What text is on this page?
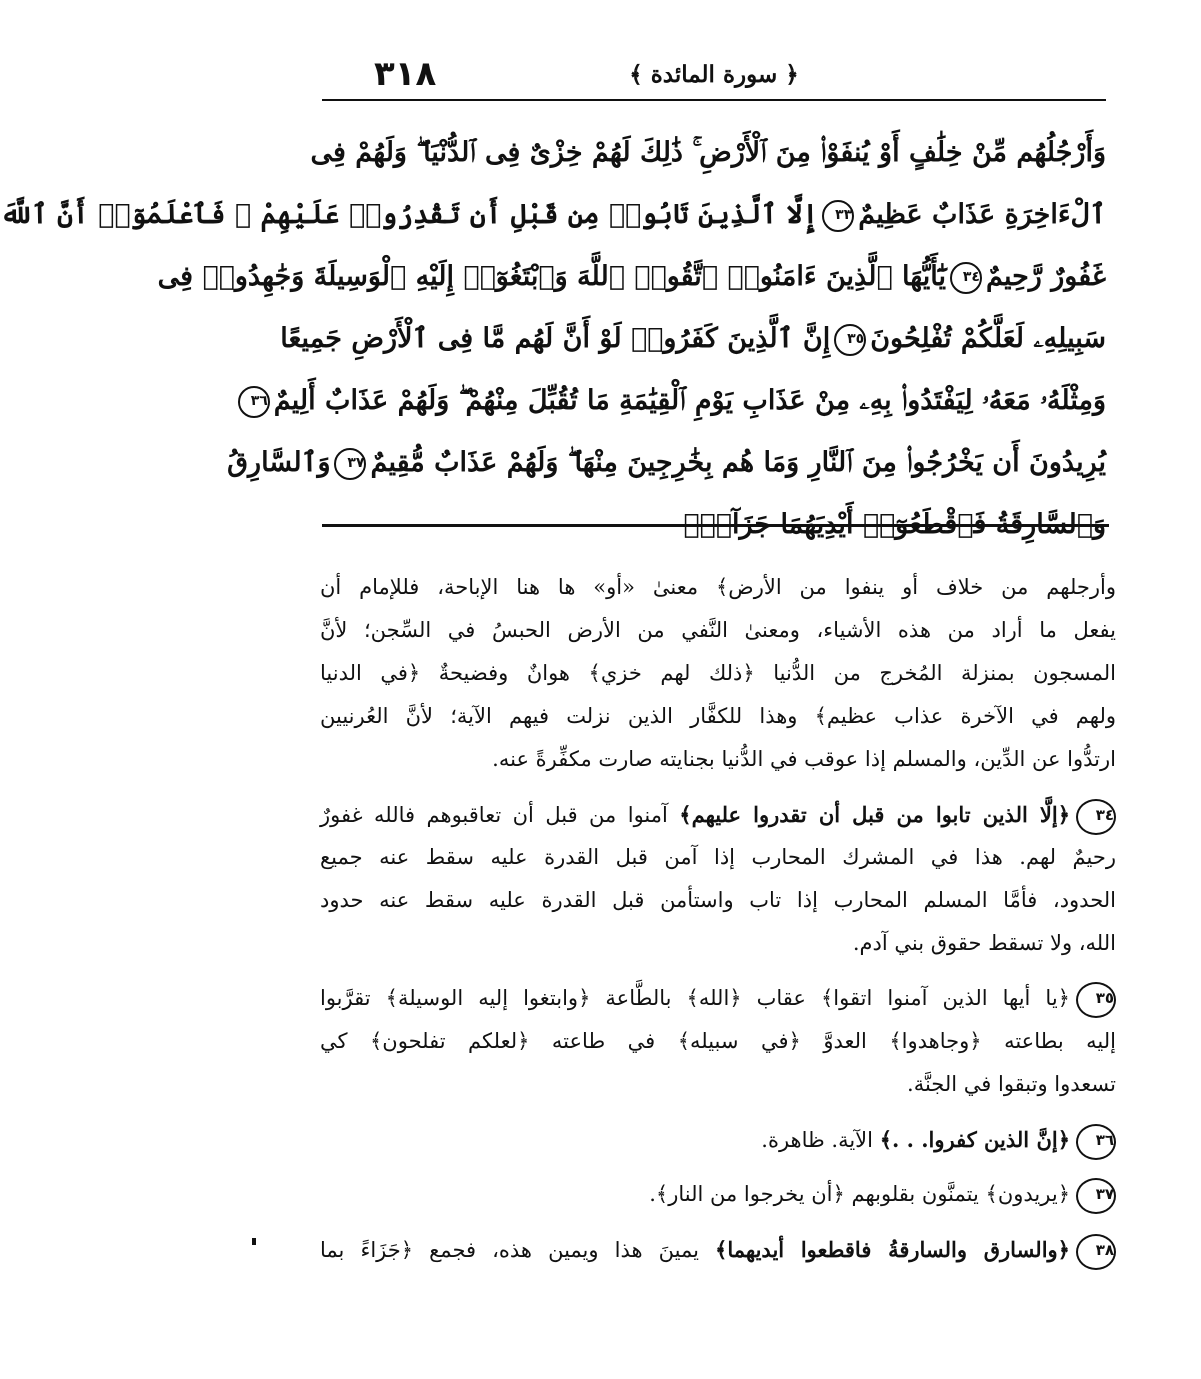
٣١٨	﴿ سورة المائدة ﴾
وَأَرْجُلُهُم مِّنْ خِلَٰفٍ أَوْ يُنفَوْا۟ مِنَ ٱلْأَرْضِ ۚ ذَٰلِكَ لَهُمْ خِزْىٌ فِى ٱلدُّنْيَا ۖ وَلَهُمْ فِى
ٱلْءَاخِرَةِ عَذَابٌ عَظِيمٌ٣٣إِلَّا ٱلَّذِينَ تَابُوا۟ مِن قَبْلِ أَن تَقْدِرُوا۟ عَلَيْهِمْ ۖ فَٱعْلَمُوٓا۟ أَنَّ ٱللَّهَ
غَفُورٌ رَّحِيمٌ٣٤يَٰٓأَيُّهَا ٱلَّذِينَ ءَامَنُوا۟ ٱتَّقُوا۟ ٱللَّهَ وَٱبْتَغُوٓا۟ إِلَيْهِ ٱلْوَسِيلَةَ وَجَٰهِدُوا۟ فِى
سَبِيلِهِۦ لَعَلَّكُمْ تُفْلِحُونَ٣٥إِنَّ ٱلَّذِينَ كَفَرُوا۟ لَوْ أَنَّ لَهُم مَّا فِى ٱلْأَرْضِ جَمِيعًا
وَمِثْلَهُۥ مَعَهُۥ لِيَفْتَدُوا۟ بِهِۦ مِنْ عَذَابِ يَوْمِ ٱلْقِيَٰمَةِ مَا تُقُبِّلَ مِنْهُمْ ۖ وَلَهُمْ عَذَابٌ أَلِيمٌ٣٦
يُرِيدُونَ أَن يَخْرُجُوا۟ مِنَ ٱلنَّارِ وَمَا هُم بِخَٰرِجِينَ مِنْهَا ۖ وَلَهُمْ عَذَابٌ مُّقِيمٌ٣٧وَٱلسَّارِقُ
وَٱلسَّارِقَةُ فَٱقْطَعُوٓا۟ أَيْدِيَهُمَا جَزَآءًۢ
وأرجلهم من خلاف أو ينفوا من الأرض﴾ معنىٰ «أو» ها هنا الإباحة، فللإمام أن
يفعل ما أراد من هذه الأشياء، ومعنىٰ النَّفي من الأرض الحبسُ في السِّجن؛ لأنَّ
المسجون بمنزلة المُخرج من الدُّنيا ﴿ذلك لهم خزي﴾ هوانٌ وفضيحةٌ ﴿في الدنيا
ولهم في الآخرة عذاب عظيم﴾ وهذا للكفَّار الذين نزلت فيهم الآية؛ لأنَّ العُرنيين
ارتدُّوا عن الدِّين، والمسلم إذا عوقب في الدُّنيا بجنايته صارت مكفِّرةً عنه.
٣٤﴿إلَّا الذين تابوا من قبل أن تقدروا عليهم﴾ آمنوا من قبل أن تعاقبوهم فالله غفورٌ
رحيمٌ لهم. هذا في المشرك المحارب إذا آمن قبل القدرة عليه سقط عنه جميع
الحدود، فأمَّا المسلم المحارب إذا تاب واستأمن قبل القدرة عليه سقط عنه حدود
الله، ولا تسقط حقوق بني آدم.
٣٥﴿يا أيها الذين آمنوا اتقوا﴾ عقاب ﴿الله﴾ بالطَّاعة ﴿وابتغوا إليه الوسيلة﴾ تقرَّبوا
إليه بطاعته ﴿وجاهدوا﴾ العدوَّ ﴿في سبيله﴾ في طاعته ﴿لعلكم تفلحون﴾ كي
تسعدوا وتبقوا في الجنَّة.
٣٦﴿إنَّ الذين كفروا. . .﴾ الآية. ظاهرة.
٣٧﴿يريدون﴾ يتمنَّون بقلوبهم ﴿أن يخرجوا من النار﴾.
٣٨﴿والسارق والسارقةُ فاقطعوا أيديهما﴾ يمينَ هذا ويمين هذه، فجمع ﴿جَزَاءً بما
